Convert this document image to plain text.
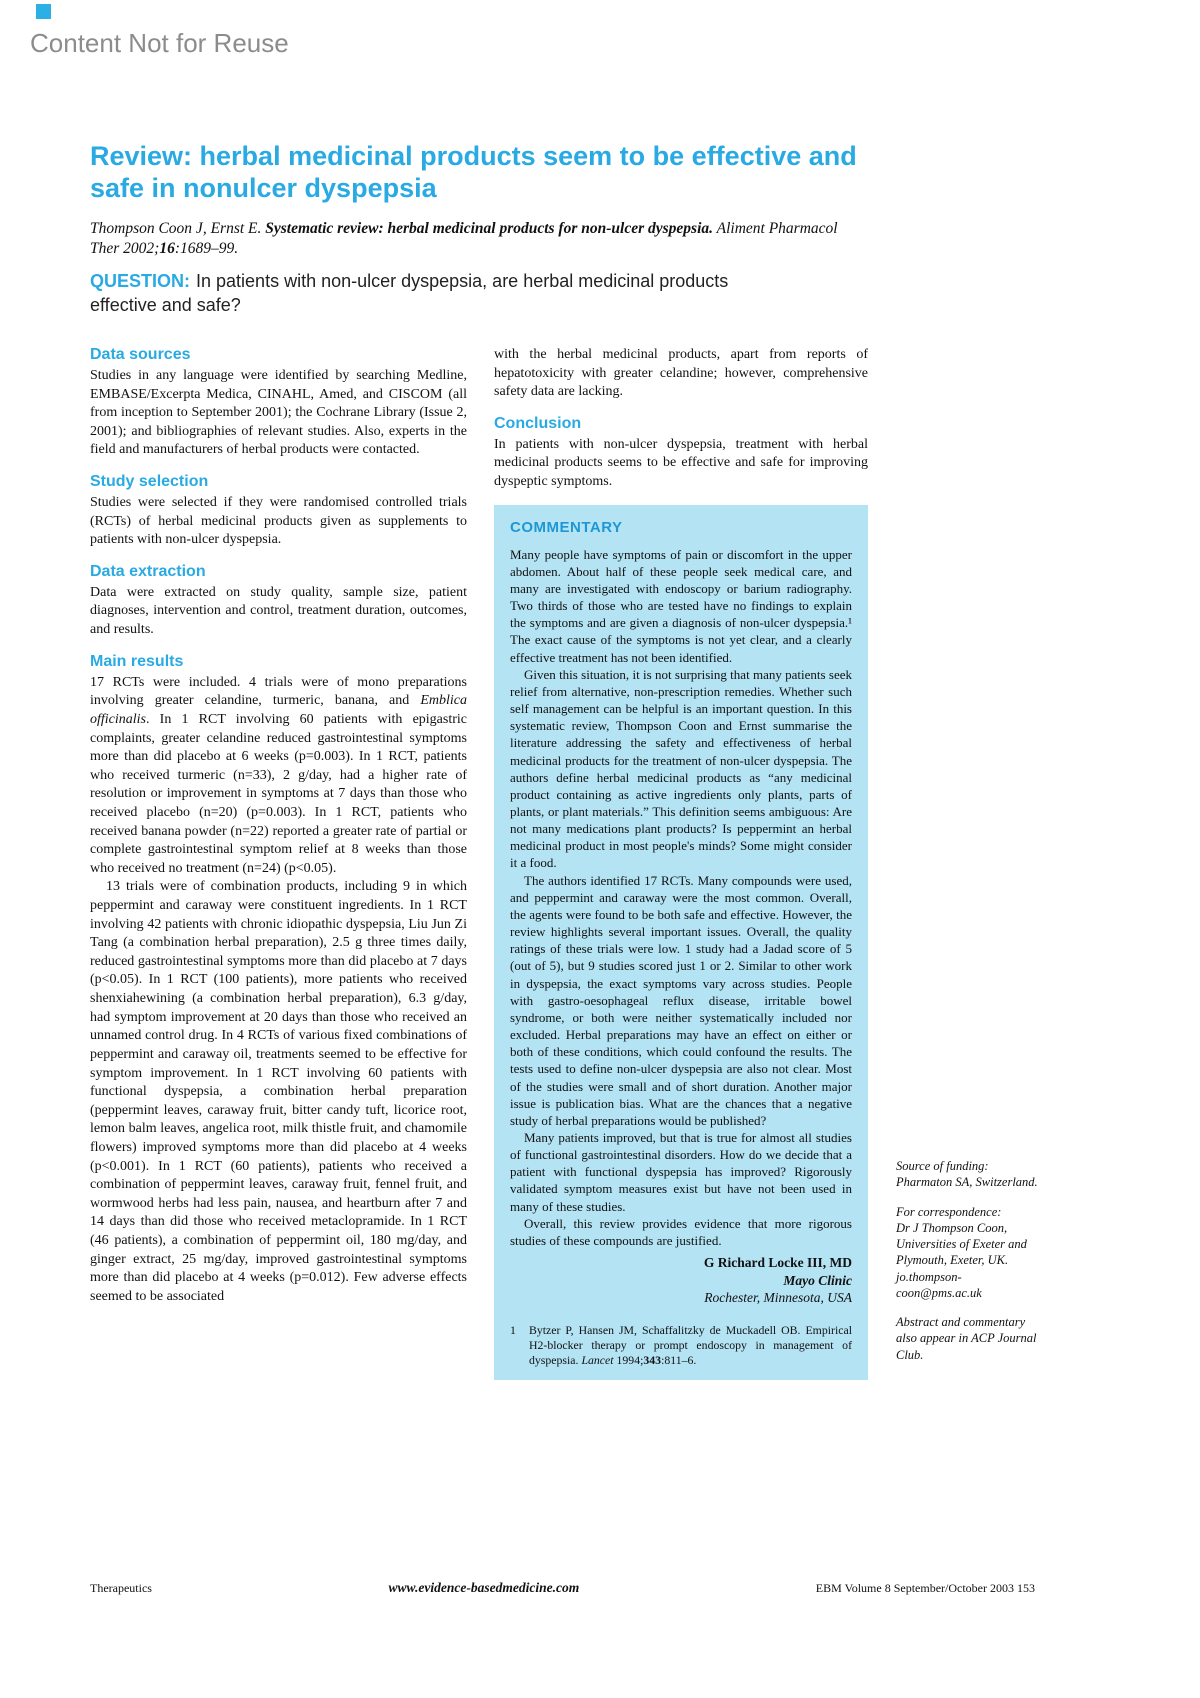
Content Not for Reuse
Review: herbal medicinal products seem to be effective and safe in nonulcer dyspepsia

Thompson Coon J, Ernst E. Systematic review: herbal medicinal products for non-ulcer dyspepsia. Aliment Pharmacol Ther 2002;16:1689–99.

QUESTION: In patients with non-ulcer dyspepsia, are herbal medicinal products effective and safe?

Data sources

Studies in any language were identified by searching Medline, EMBASE/Excerpta Medica, CINAHL, Amed, and CISCOM (all from inception to September 2001); the Cochrane Library (Issue 2, 2001); and bibliographies of relevant studies. Also, experts in the field and manufacturers of herbal products were contacted.

Study selection

Studies were selected if they were randomised controlled trials (RCTs) of herbal medicinal products given as supplements to patients with non-ulcer dyspepsia.

Data extraction

Data were extracted on study quality, sample size, patient diagnoses, intervention and control, treatment duration, outcomes, and results.

Main results

17 RCTs were included. 4 trials were of mono preparations involving greater celandine, turmeric, banana, and Emblica officinalis. In 1 RCT involving 60 patients with epigastric complaints, greater celandine reduced gastrointestinal symptoms more than did placebo at 6 weeks (p=0.003). In 1 RCT, patients who received turmeric (n=33), 2 g/day, had a higher rate of resolution or improvement in symptoms at 7 days than those who received placebo (n=20) (p=0.003). In 1 RCT, patients who received banana powder (n=22) reported a greater rate of partial or complete gastrointestinal symptom relief at 8 weeks than those who received no treatment (n=24) (p<0.05).

13 trials were of combination products, including 9 in which peppermint and caraway were constituent ingredients. In 1 RCT involving 42 patients with chronic idiopathic dyspepsia, Liu Jun Zi Tang (a combination herbal preparation), 2.5 g three times daily, reduced gastrointestinal symptoms more than did placebo at 7 days (p<0.05). In 1 RCT (100 patients), more patients who received shenxiahewining (a combination herbal preparation), 6.3 g/day, had symptom improvement at 20 days than those who received an unnamed control drug. In 4 RCTs of various fixed combinations of peppermint and caraway oil, treatments seemed to be effective for symptom improvement. In 1 RCT involving 60 patients with functional dyspepsia, a combination herbal preparation (peppermint leaves, caraway fruit, bitter candy tuft, licorice root, lemon balm leaves, angelica root, milk thistle fruit, and chamomile flowers) improved symptoms more than did placebo at 4 weeks (p<0.001). In 1 RCT (60 patients), patients who received a combination of peppermint leaves, caraway fruit, fennel fruit, and wormwood herbs had less pain, nausea, and heartburn after 7 and 14 days than did those who received metaclopramide. In 1 RCT (46 patients), a combination of peppermint oil, 180 mg/day, and ginger extract, 25 mg/day, improved gastrointestinal symptoms more than did placebo at 4 weeks (p=0.012). Few adverse effects seemed to be associated

with the herbal medicinal products, apart from reports of hepatotoxicity with greater celandine; however, comprehensive safety data are lacking.

Conclusion

In patients with non-ulcer dyspepsia, treatment with herbal medicinal products seems to be effective and safe for improving dyspeptic symptoms.

COMMENTARY

Many people have symptoms of pain or discomfort in the upper abdomen. About half of these people seek medical care, and many are investigated with endoscopy or barium radiography. Two thirds of those who are tested have no findings to explain the symptoms and are given a diagnosis of non-ulcer dyspepsia.¹ The exact cause of the symptoms is not yet clear, and a clearly effective treatment has not been identified.

Given this situation, it is not surprising that many patients seek relief from alternative, non-prescription remedies. Whether such self management can be helpful is an important question. In this systematic review, Thompson Coon and Ernst summarise the literature addressing the safety and effectiveness of herbal medicinal products for the treatment of non-ulcer dyspepsia. The authors define herbal medicinal products as “any medicinal product containing as active ingredients only plants, parts of plants, or plant materials.” This definition seems ambiguous: Are not many medications plant products? Is peppermint an herbal medicinal product in most people's minds? Some might consider it a food.

The authors identified 17 RCTs. Many compounds were used, and peppermint and caraway were the most common. Overall, the agents were found to be both safe and effective. However, the review highlights several important issues. Overall, the quality ratings of these trials were low. 1 study had a Jadad score of 5 (out of 5), but 9 studies scored just 1 or 2. Similar to other work in dyspepsia, the exact symptoms vary across studies. People with gastro-oesophageal reflux disease, irritable bowel syndrome, or both were neither systematically included nor excluded. Herbal preparations may have an effect on either or both of these conditions, which could confound the results. The tests used to define non-ulcer dyspepsia are also not clear. Most of the studies were small and of short duration. Another major issue is publication bias. What are the chances that a negative study of herbal preparations would be published?

Many patients improved, but that is true for almost all studies of functional gastrointestinal disorders. How do we decide that a patient with functional dyspepsia has improved? Rigorously validated symptom measures exist but have not been used in many of these studies.

Overall, this review provides evidence that more rigorous studies of these compounds are justified.

G Richard Locke III, MD
Mayo Clinic
Rochester, Minnesota, USA
1	Bytzer P, Hansen JM, Schaffalitzky de Muckadell OB. Empirical H2-blocker therapy or prompt endoscopy in management of dyspepsia. Lancet 1994;343:811–6.
Source of funding:
Pharmaton SA, Switzerland.
For correspondence:
Dr J Thompson Coon, Universities of Exeter and Plymouth, Exeter, UK.
jo.thompson-coon@pms.ac.uk
Abstract and commentary also appear in ACP Journal Club.
Therapeutics	www.evidence-basedmedicine.com	EBM Volume 8 September/October 2003 153
